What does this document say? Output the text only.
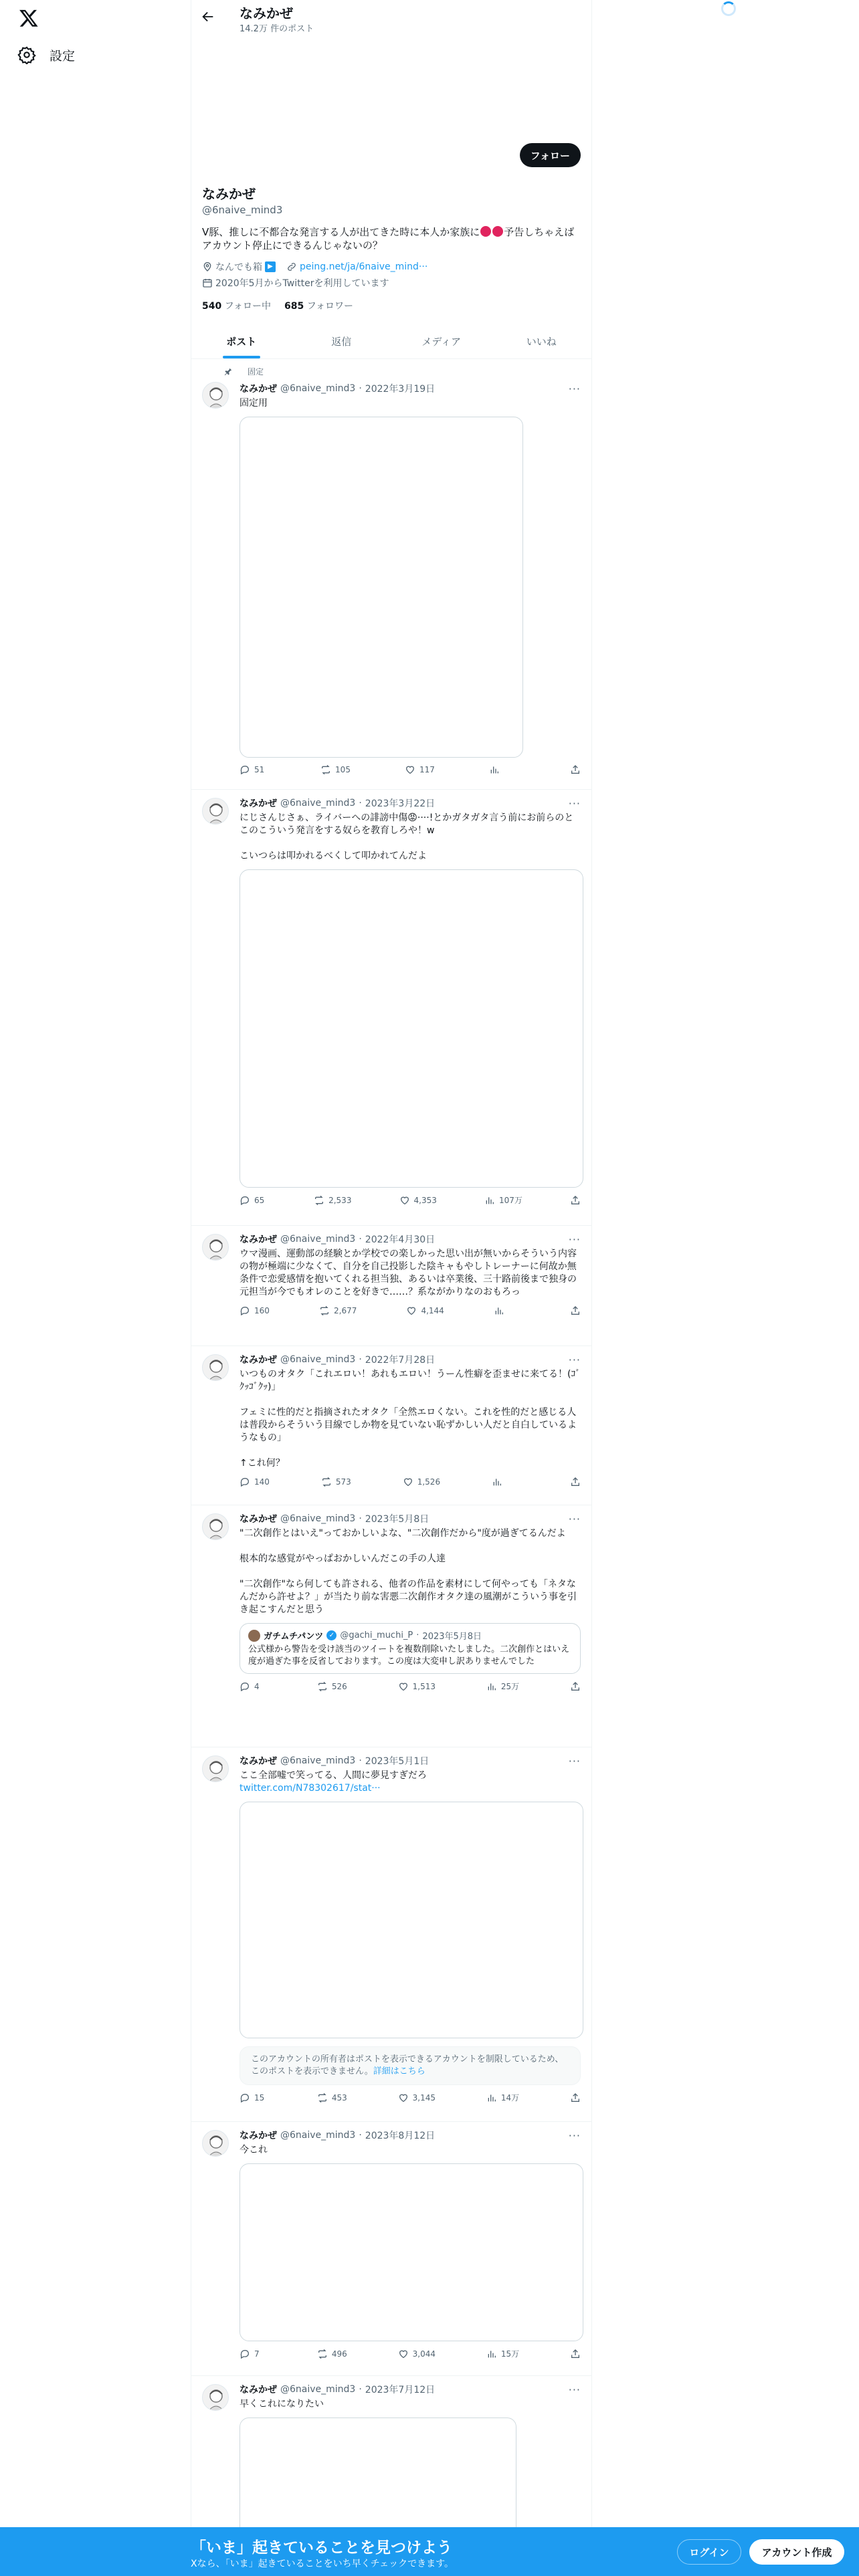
設定
なみかぜ
14.2万 件のポスト
フォロー
なみかぜ
@6naive_mind3
V豚、推しに不都合な発言する人が出てきた時に本人か家族に 予告しちゃえばアカウント停止にできるんじゃないの？
なんでも箱 ▶	peing.net/ja/6naive_mind···
2020年5月からTwitterを利用しています
540 フォロー中 685 フォロワー
ポスト	返信	メディア	いいね
固定
なみかぜ @6naive_mind3 · 2022年3月19日	···
固定用
51	105	117
なみかぜ @6naive_mind3 · 2023年3月22日	···
にじさんじさぁ、ライバーへの誹謗中傷😡····!とかガタガタ言う前にお前らのとこのこういう発言をする奴らを教育しろや！w

こいつらは叩かれるべくして叩かれてんだよ
65	2,533	4,353	107万
なみかぜ @6naive_mind3 · 2022年4月30日	···
ウマ漫画、運動部の経験とか学校での楽しかった思い出が無いからそういう内容の物が極端に少なくて、自分を自己投影した陰キャもやしトレーナーに何故か無条件で恋愛感情を抱いてくれる担当独、あるいは卒業後、三十路前後まで独身の元担当が今でもオレのことを好きで……？系ながかりなのおもろっ
160	2,677	4,144
なみかぜ @6naive_mind3 · 2022年7月28日	···
いつものオタク「これエロい！あれもエロい！うーん性癖を歪ませに来てる！(ｺﾞｸｯｺﾞｸｯ)」

フェミに性的だと指摘されたオタク「全然エロくない。これを性的だと感じる人は普段からそういう目線でしか物を見ていない恥ずかしい人だと自白しているようなもの」

↑これ何？
140	573	1,526
なみかぜ @6naive_mind3 · 2023年5月8日	···
"二次創作とはいえ"っておかしいよな、"二次創作だから"度が過ぎてるんだよ

根本的な感覚がやっぱおかしいんだこの手の人達

"二次創作"なら何しても許される、他者の作品を素材にして何やっても「ネタなんだから許せよ？」が当たり前な害悪二次創作オタク達の風潮がこういう事を引き起こすんだと思う
ガチムチパンツ ✓ @gachi_muchi_P · 2023年5月8日
公式様から警告を受け該当のツイートを複数削除いたしました。二次創作とはいえ度が過ぎた事を反省しております。この度は大変申し訳ありませんでした
4	526	1,513	25万
なみかぜ @6naive_mind3 · 2023年5月1日	···
ここ全部嘘で笑ってる、人間に夢見すぎだろ
twitter.com/N78302617/stat···
このアカウントの所有者はポストを表示できるアカウントを制限しているため、このポストを表示できません。詳細はこちら
15	453	3,145	14万
なみかぜ @6naive_mind3 · 2023年8月12日	···
今これ
7	496	3,044	15万
なみかぜ @6naive_mind3 · 2023年7月12日	···
早くこれになりたい
「いま」起きていることを見つけよう
Xなら、「いま」起きていることをいち早くチェックできます。
ログイン	アカウント作成
